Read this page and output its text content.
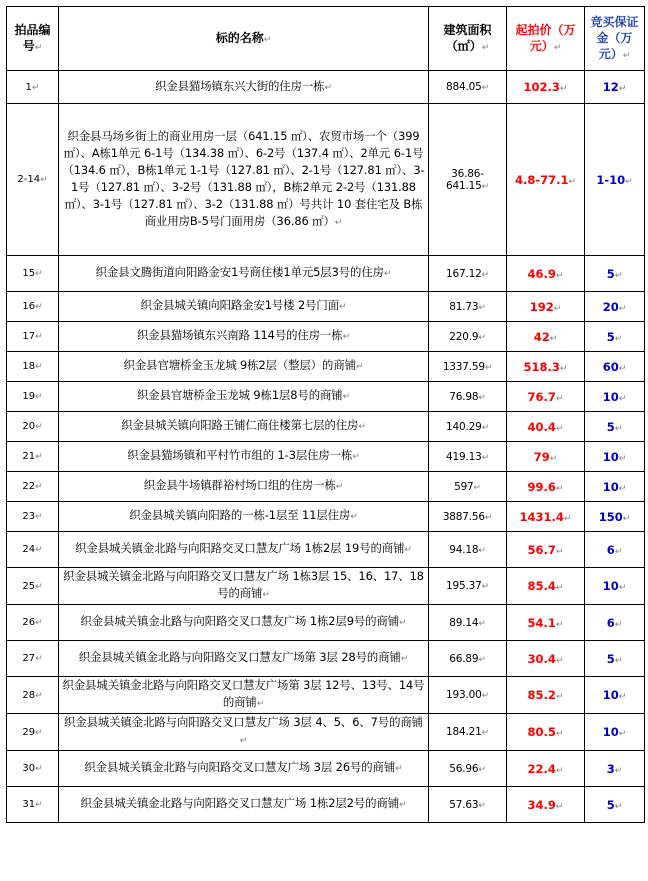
拍品编号↵	标的名称↵	建筑面积（㎡）↵	起拍价（万元）↵	竞买保证金（万元）↵
1↵	织金县猫场镇东兴大街的住房一栋↵	884.05↵	102.3↵	12↵
2-14↵	织金县马场乡街上的商业用房一层（641.15 ㎡）、农贸市场一个（399 ㎡）、A栋1单元 6-1号（134.38 ㎡）、6-2号（137.4 ㎡）、2单元 6-1号（134.6 ㎡），B栋1单元 1-1号（127.81 ㎡）、2-1号（127.81 ㎡）、3-1号（127.81 ㎡）、3-2号（131.88 ㎡），B栋2单元 2-2号（131.88 ㎡）、3-1号（127.81 ㎡）、3-2（131.88 ㎡）号共计 10 套住宅及 B栋商业用房B-5号门面用房（36.86 ㎡）↵	36.86-641.15↵	4.8-77.1↵	1-10↵
15↵	织金县文腾街道向阳路金安1号商住楼1单元5层3号的住房↵	167.12↵	46.9↵	5↵
16↵	织金县城关镇向阳路金安1号楼 2号门面↵	81.73↵	192↵	20↵
17↵	织金县猫场镇东兴南路 114号的住房一栋↵	220.9↵	42↵	5↵
18↵	织金县官塘桥金玉龙城 9栋2层（整层）的商铺↵	1337.59↵	518.3↵	60↵
19↵	织金县官塘桥金玉龙城 9栋1层8号的商铺↵	76.98↵	76.7↵	10↵
20↵	织金县城关镇向阳路王铺仁商住楼第七层的住房↵	140.29↵	40.4↵	5↵
21↵	织金县猫场镇和平村竹市组的 1-3层住房一栋↵	419.13↵	79↵	10↵
22↵	织金县牛场镇群裕村场口组的住房一栋↵	597↵	99.6↵	10↵
23↵	织金县城关镇向阳路的一栋-1层至 11层住房↵	3887.56↵	1431.4↵	150↵
24↵	织金县城关镇金北路与向阳路交叉口慧友广场 1栋2层 19号的商铺↵	94.18↵	56.7↵	6↵
25↵	织金县城关镇金北路与向阳路交叉口慧友广场 1栋3层 15、16、17、18号的商铺↵	195.37↵	85.4↵	10↵
26↵	织金县城关镇金北路与向阳路交叉口慧友广场 1栋2层9号的商铺↵	89.14↵	54.1↵	6↵
27↵	织金县城关镇金北路与向阳路交叉口慧友广场第 3层 28号的商铺↵	66.89↵	30.4↵	5↵
28↵	织金县城关镇金北路与向阳路交叉口慧友广场第 3层 12号、13号、14号的商铺↵	193.00↵	85.2↵	10↵
29↵	织金县城关镇金北路与向阳路交叉口慧友广场 3层 4、5、6、7号的商铺↵	184.21↵	80.5↵	10↵
30↵	织金县城关镇金北路与向阳路交叉口慧友广场 3层 26号的商铺↵	56.96↵	22.4↵	3↵
31↵	织金县城关镇金北路与向阳路交叉口慧友广场 1栋2层2号的商铺↵	57.63↵	34.9↵	5↵
